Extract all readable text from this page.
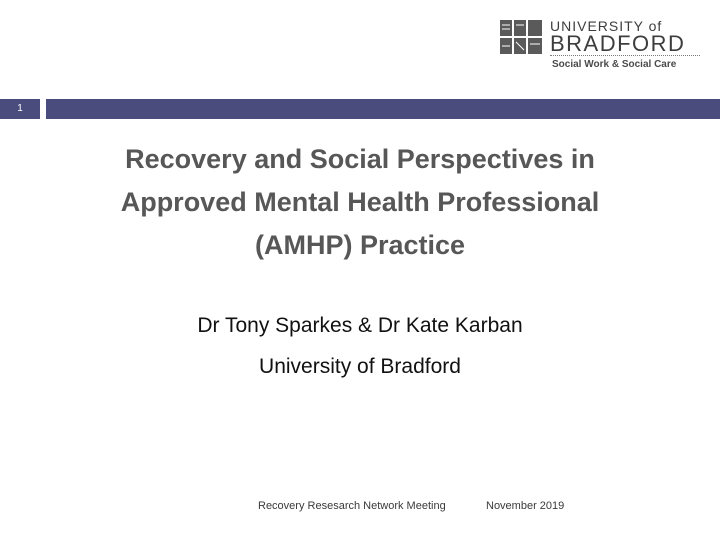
UNIVERSITY of
BRADFORD
Social Work & Social Care
1
Recovery and Social Perspectives in
Approved Mental Health Professional
(AMHP) Practice
Dr Tony Sparkes & Dr Kate Karban
University of Bradford
Recovery Resesarch Network Meeting	November 2019
